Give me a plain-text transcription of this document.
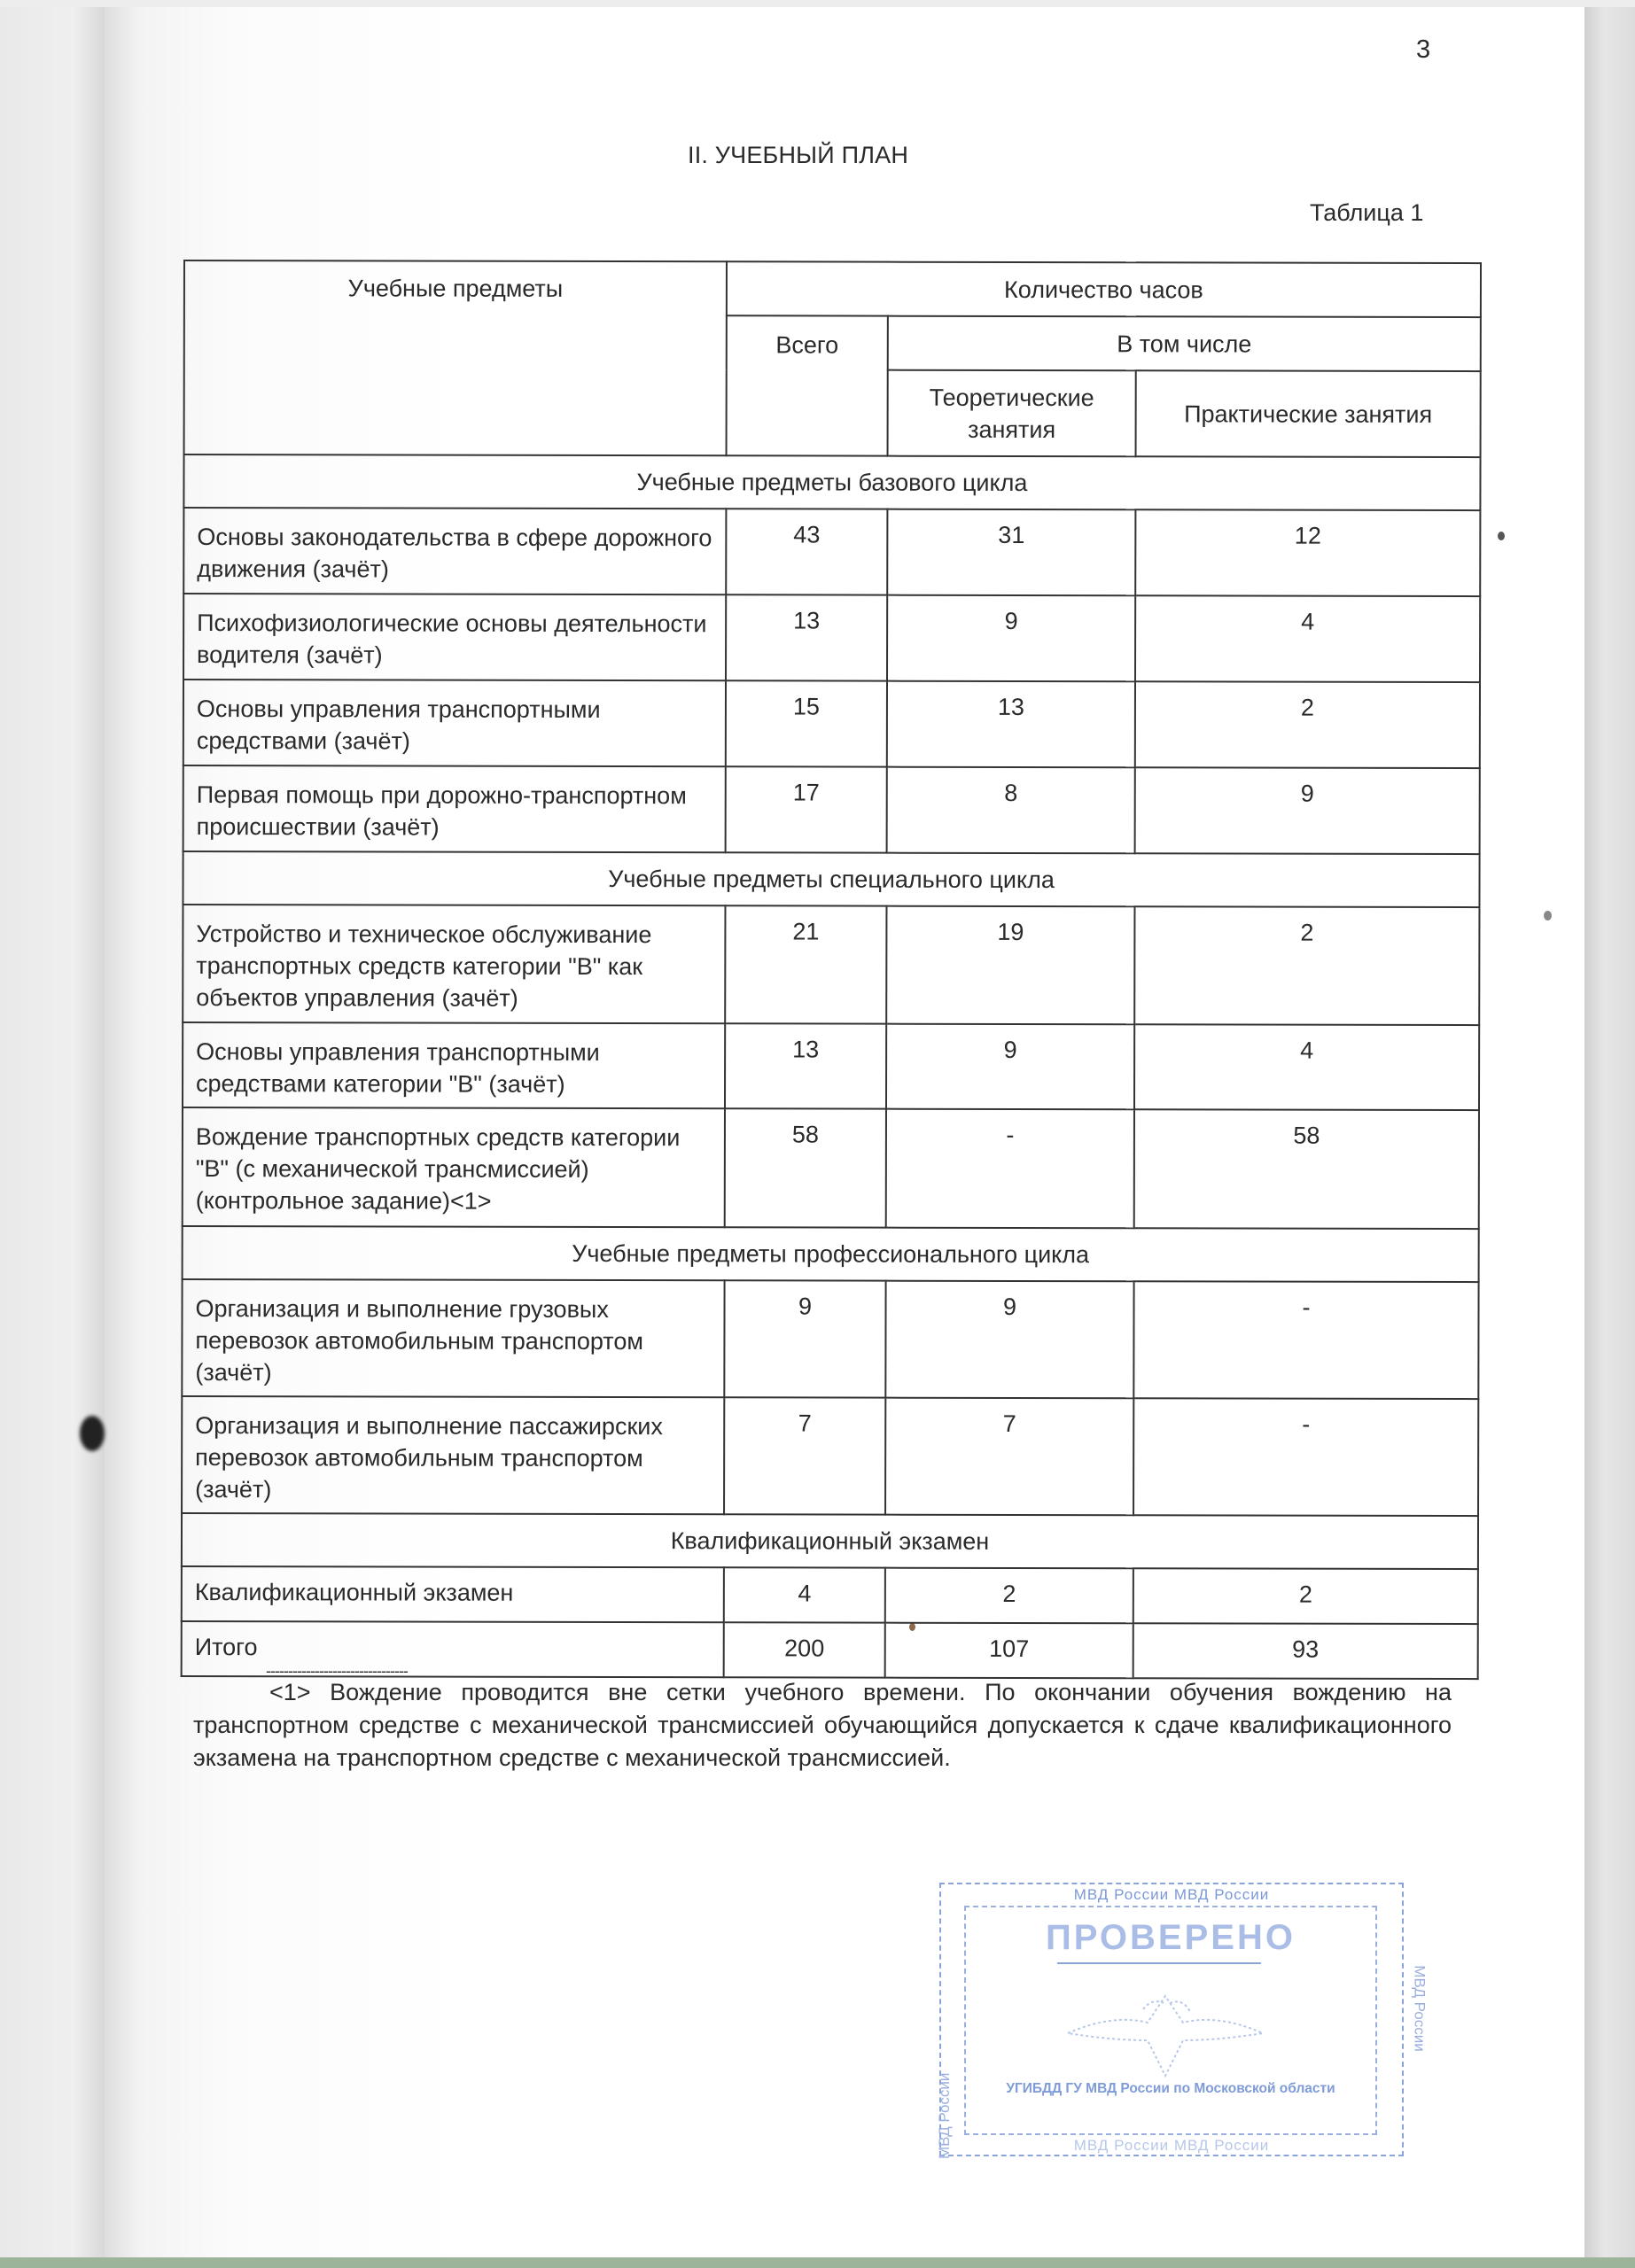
3
II. УЧЕБНЫЙ ПЛАН
Таблица 1
Учебные предметы	Количество часов		
	Всего	В том числе	
		Теоретические занятия	Практические занятия
Учебные предметы базового цикла			
Основы законодательства в сфере дорожного движения (зачёт)	43	31	12
Психофизиологические основы деятельности водителя (зачёт)	13	9	4
Основы управления транспортными средствами (зачёт)	15	13	2
Первая помощь при дорожно-транспортном происшествии (зачёт)	17	8	9
Учебные предметы специального цикла			
Устройство и техническое обслуживание транспортных средств категории "B" как объектов управления (зачёт)	21	19	2
Основы управления транспортными средствами категории "B" (зачёт)	13	9	4
Вождение транспортных средств категории "B" (с механической трансмиссией) (контрольное задание)<1>	58	-	58
Учебные предметы профессионального цикла			
Организация и выполнение грузовых перевозок автомобильным транспортом (зачёт)	9	9	-
Организация и выполнение пассажирских перевозок автомобильным транспортом (зачёт)	7	7	-
Квалификационный экзамен			
Квалификационный экзамен	4	2	2
Итого	200	107	93
--------------------------------
<1> Вождение проводится вне сетки учебного времени. По окончании обучения вождению на транспортном средстве с механической трансмиссией обучающийся допускается к сдаче квалификационного экзамена на транспортном средстве с механической трансмиссией.
МВД России МВД России
МВД России
МВД России
ПРОВЕРЕНО
УГИБДД ГУ МВД России по Московской области
МВД России МВД России
